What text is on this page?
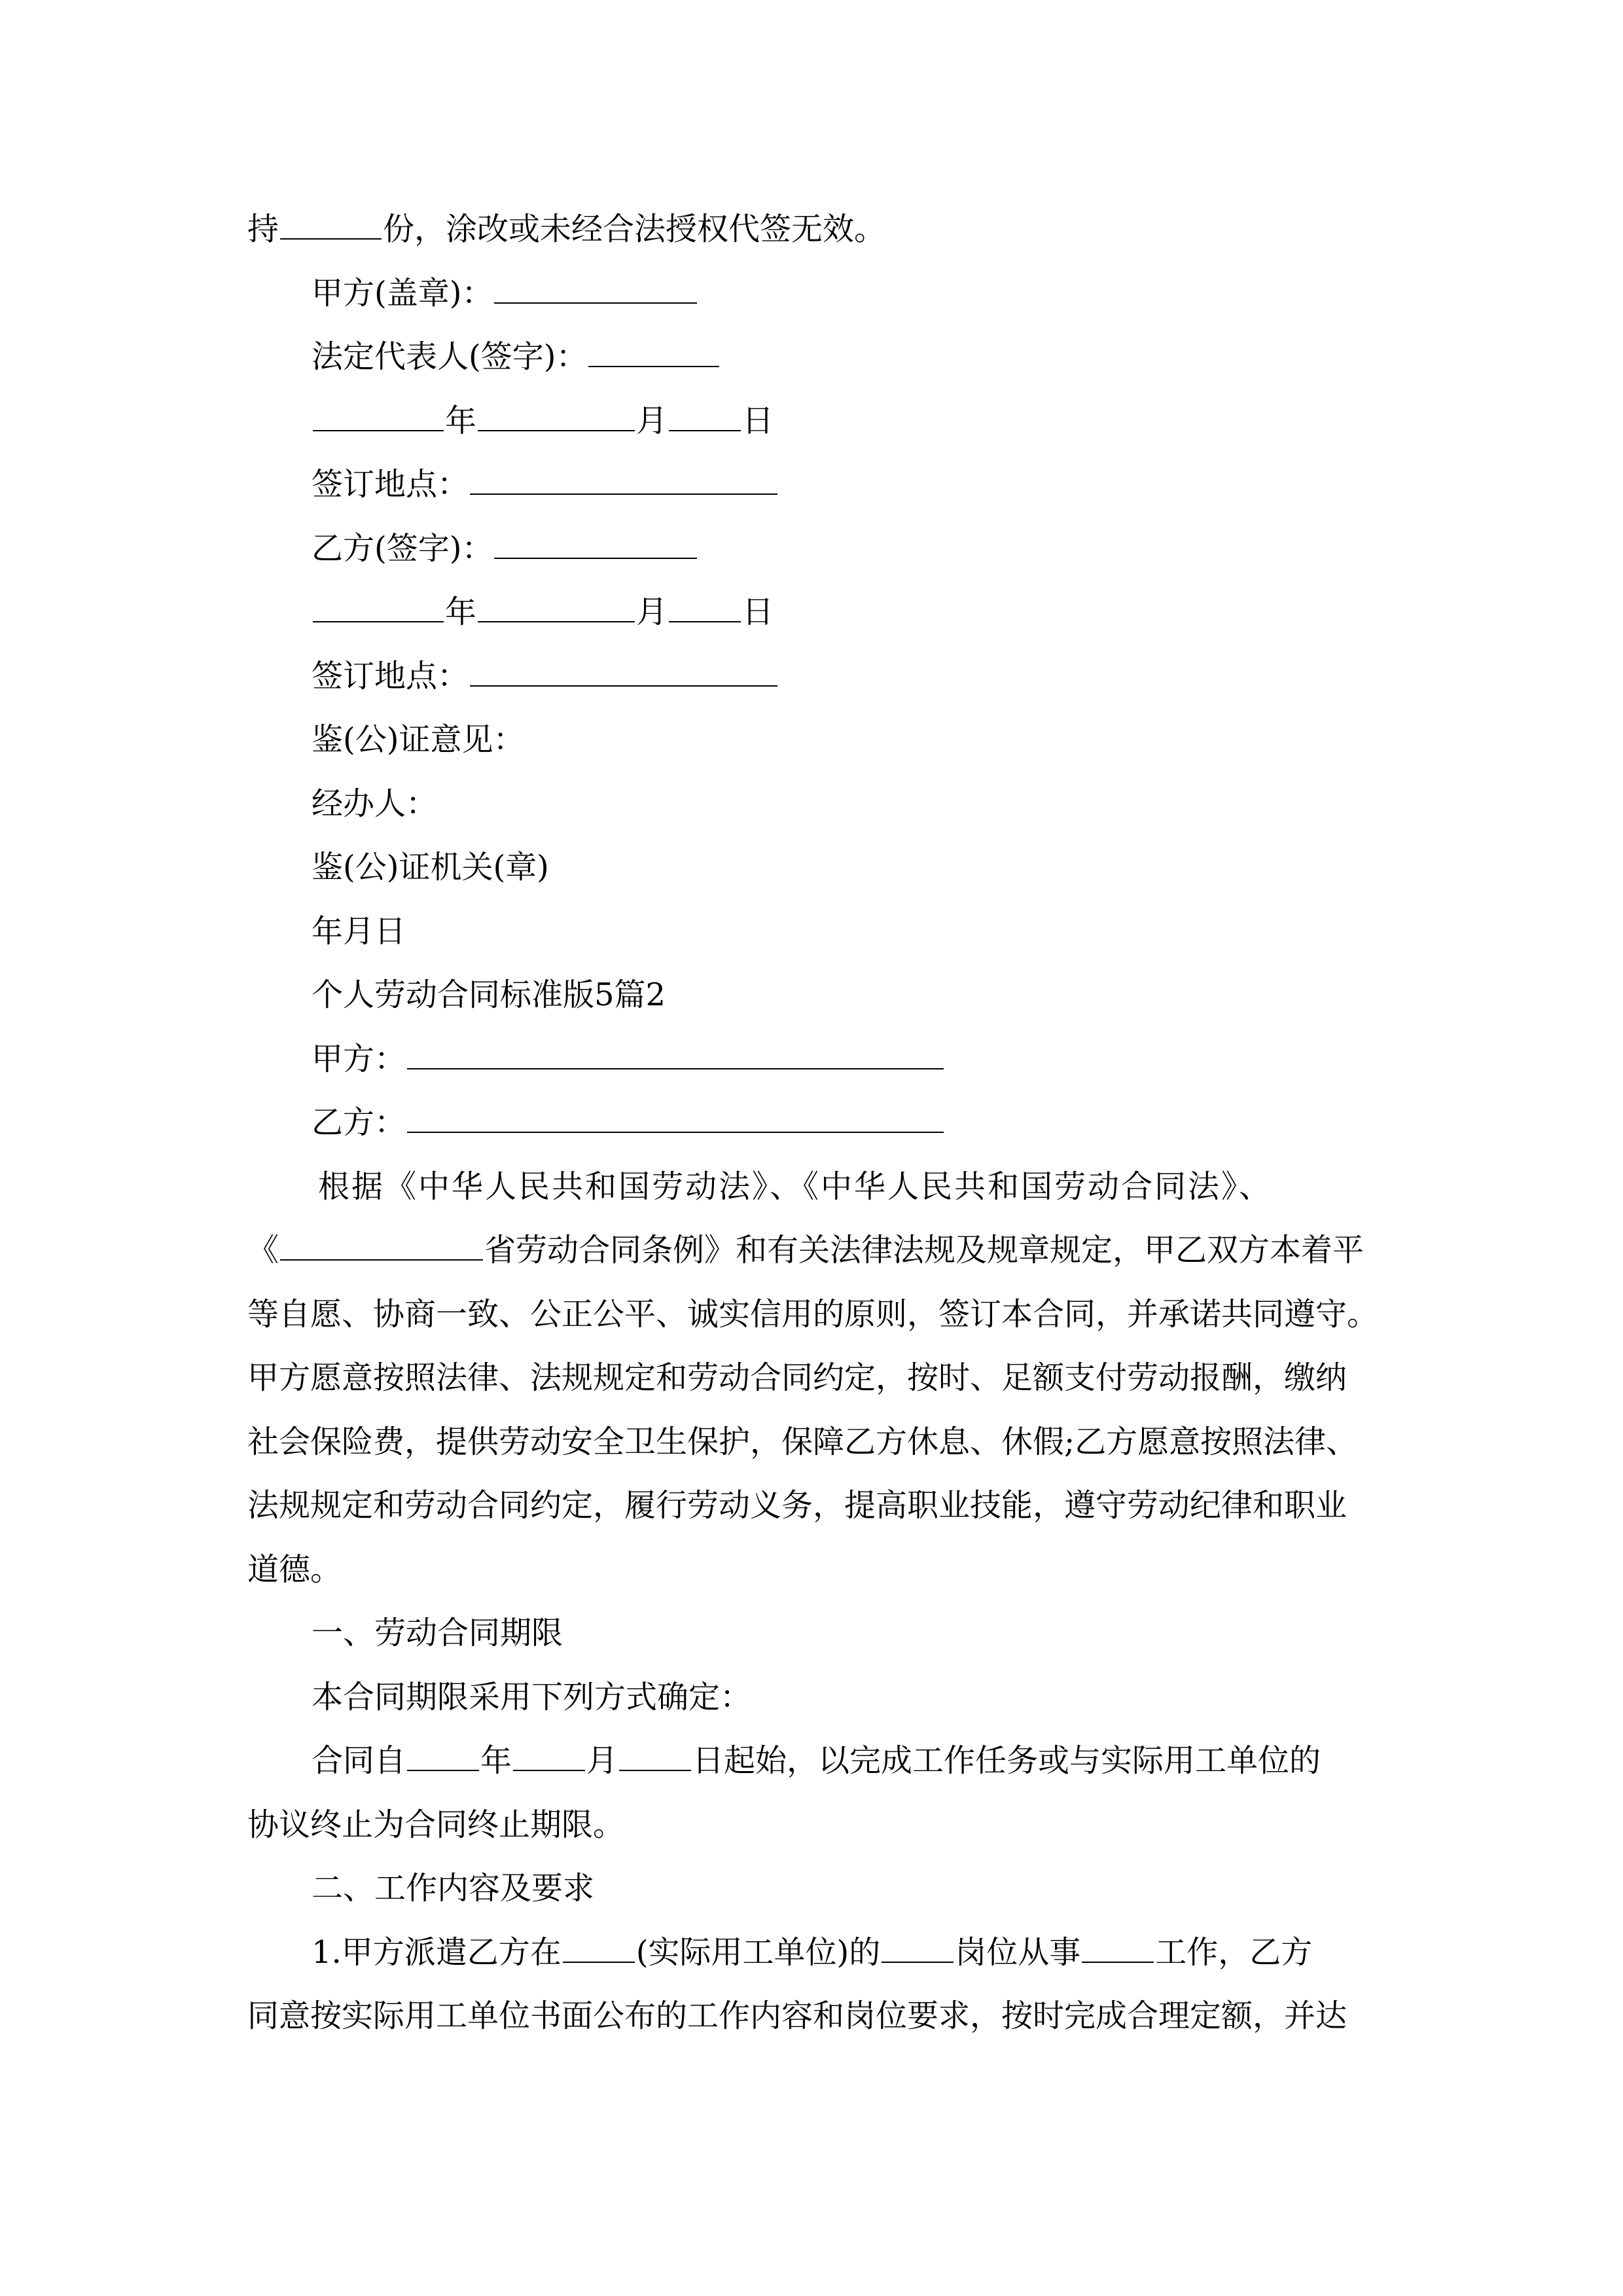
持	份，涂改或未经合法授权代签无效。
甲方(盖章)：
法定代表人(签字)：
年	月 日
签订地点：
乙方(签字)：
年	月 日
签订地点：
鉴(公)证意见：
经办人：
鉴(公)证机关(章)
年月日
个人劳动合同标准版5篇2
甲方：
乙方：
根据《中华人民共和国劳动法》、《中华人民共和国劳动合同法》、
《	省劳动合同条例》和有关法律法规及规章规定，甲乙双方本着平
等自愿、协商一致、公正公平、诚实信用的原则，签订本合同，并承诺共同遵守。
甲方愿意按照法律、法规规定和劳动合同约定，按时、足额支付劳动报酬，缴纳
社会保险费，提供劳动安全卫生保护，保障乙方休息、休假;乙方愿意按照法律、
法规规定和劳动合同约定，履行劳动义务，提高职业技能，遵守劳动纪律和职业
道德。
一、劳动合同期限
本合同期限采用下列方式确定：
合同自 年 月 日起始，以完成工作任务或与实际用工单位的
协议终止为合同终止期限。
二、工作内容及要求
1.甲方派遣乙方在 (实际用工单位)的 岗位从事 工作，乙方
同意按实际用工单位书面公布的工作内容和岗位要求，按时完成合理定额，并达
